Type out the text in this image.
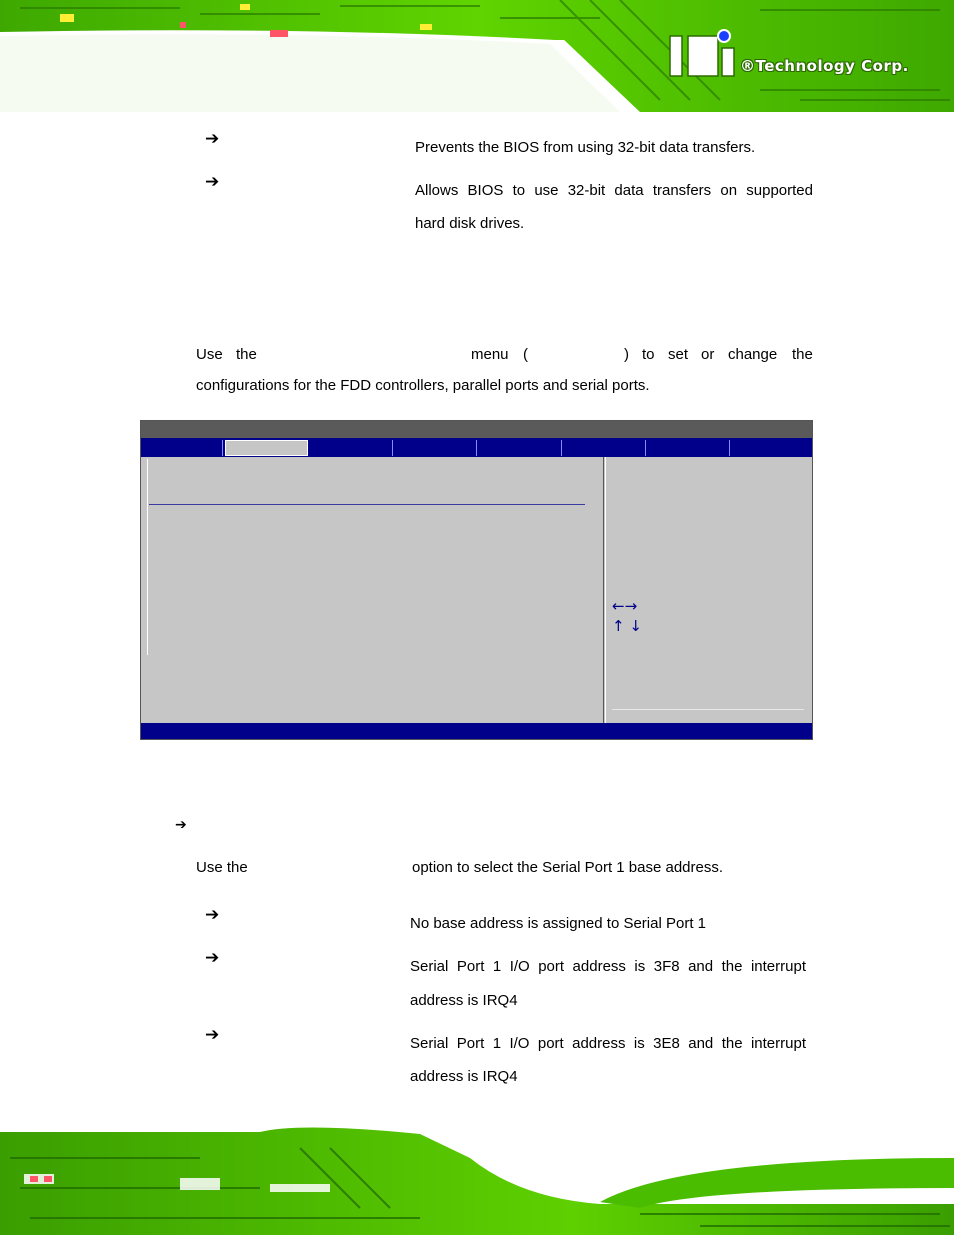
®Technology Corp.
➔	Prevents the BIOS from using 32-bit data transfers.
➔	Allows BIOS to use 32-bit data transfers on supported
hard disk drives.
Use the	menu (	) to set or change the
configurations for the FDD controllers, parallel ports and serial ports.
←→
↑ ↓
➔
Use the	option to select the Serial Port 1 base address.
➔	No base address is assigned to Serial Port 1
➔	Serial Port 1 I/O port address is 3F8 and the interrupt
address is IRQ4
➔	Serial Port 1 I/O port address is 3E8 and the interrupt
address is IRQ4
